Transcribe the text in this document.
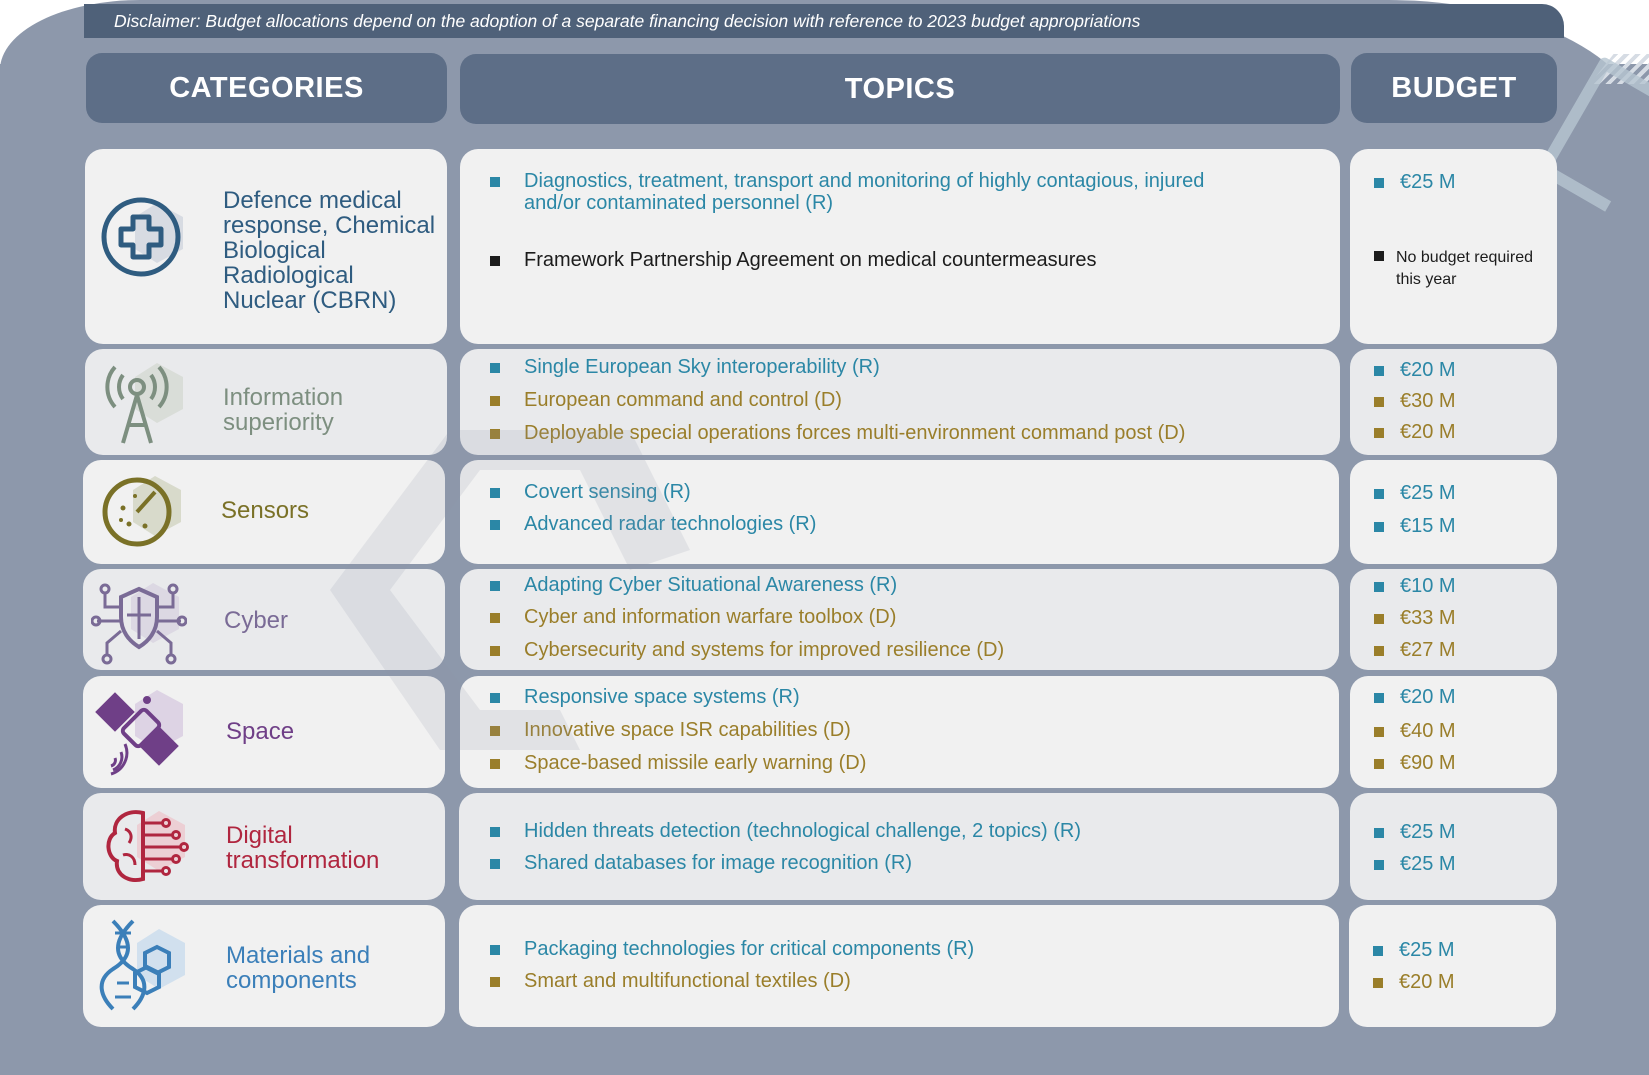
Disclaimer: Budget allocations depend on the adoption of a separate financing decision with reference to 2023 budget appropriations
CATEGORIES	TOPICS	BUDGET
Defence medical response, Chemical Biological Radiological Nuclear (CBRN)
Diagnostics, treatment, transport and monitoring of highly contagious, injured
and/or contaminated personnel (R)
Framework Partnership Agreement on medical countermeasures
€25 M
No budget required
this year
Information superiority
Single European Sky interoperability (R)
European command and control (D)
Deployable special operations forces multi-environment command post (D)
€20 M
€30 M
€20 M
Sensors
Covert sensing (R)
Advanced radar technologies (R)
€25 M
€15 M
Cyber
Adapting Cyber Situational Awareness (R)
Cyber and information warfare toolbox (D)
Cybersecurity and systems for improved resilience (D)
€10 M
€33 M
€27 M
Space
Responsive space systems (R)
Innovative space ISR capabilities (D)
Space-based missile early warning (D)
€20 M
€40 M
€90 M
Digital transformation
Hidden threats detection (technological challenge, 2 topics) (R)
Shared databases for image recognition (R)
€25 M
€25 M
Materials and components
Packaging technologies for critical components (R)
Smart and multifunctional textiles (D)
€25 M
€20 M
